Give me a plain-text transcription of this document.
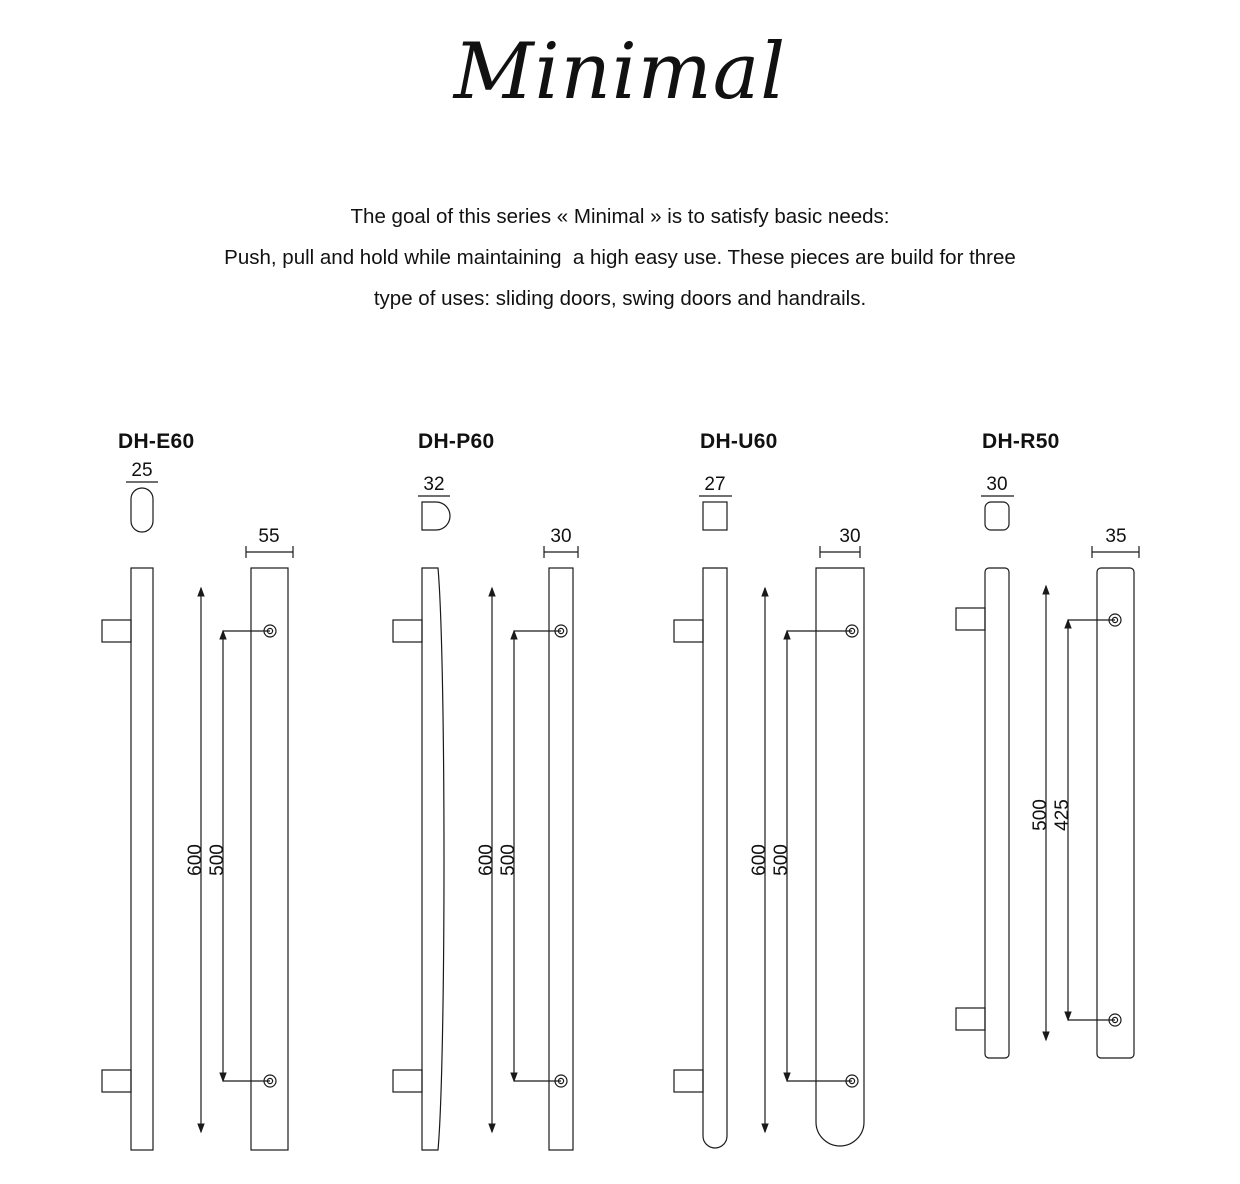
Minimal
The goal of this series « Minimal » is to satisfy basic needs:
Push, pull and hold while maintaining  a high easy use. These pieces are build for three
type of uses: sliding doors, swing doors and handrails.
DH-E60
25
55
600 500
DH-P60
32
30
600 500
DH-U60
27
30
600 500
DH-R50
30
35
500 425
